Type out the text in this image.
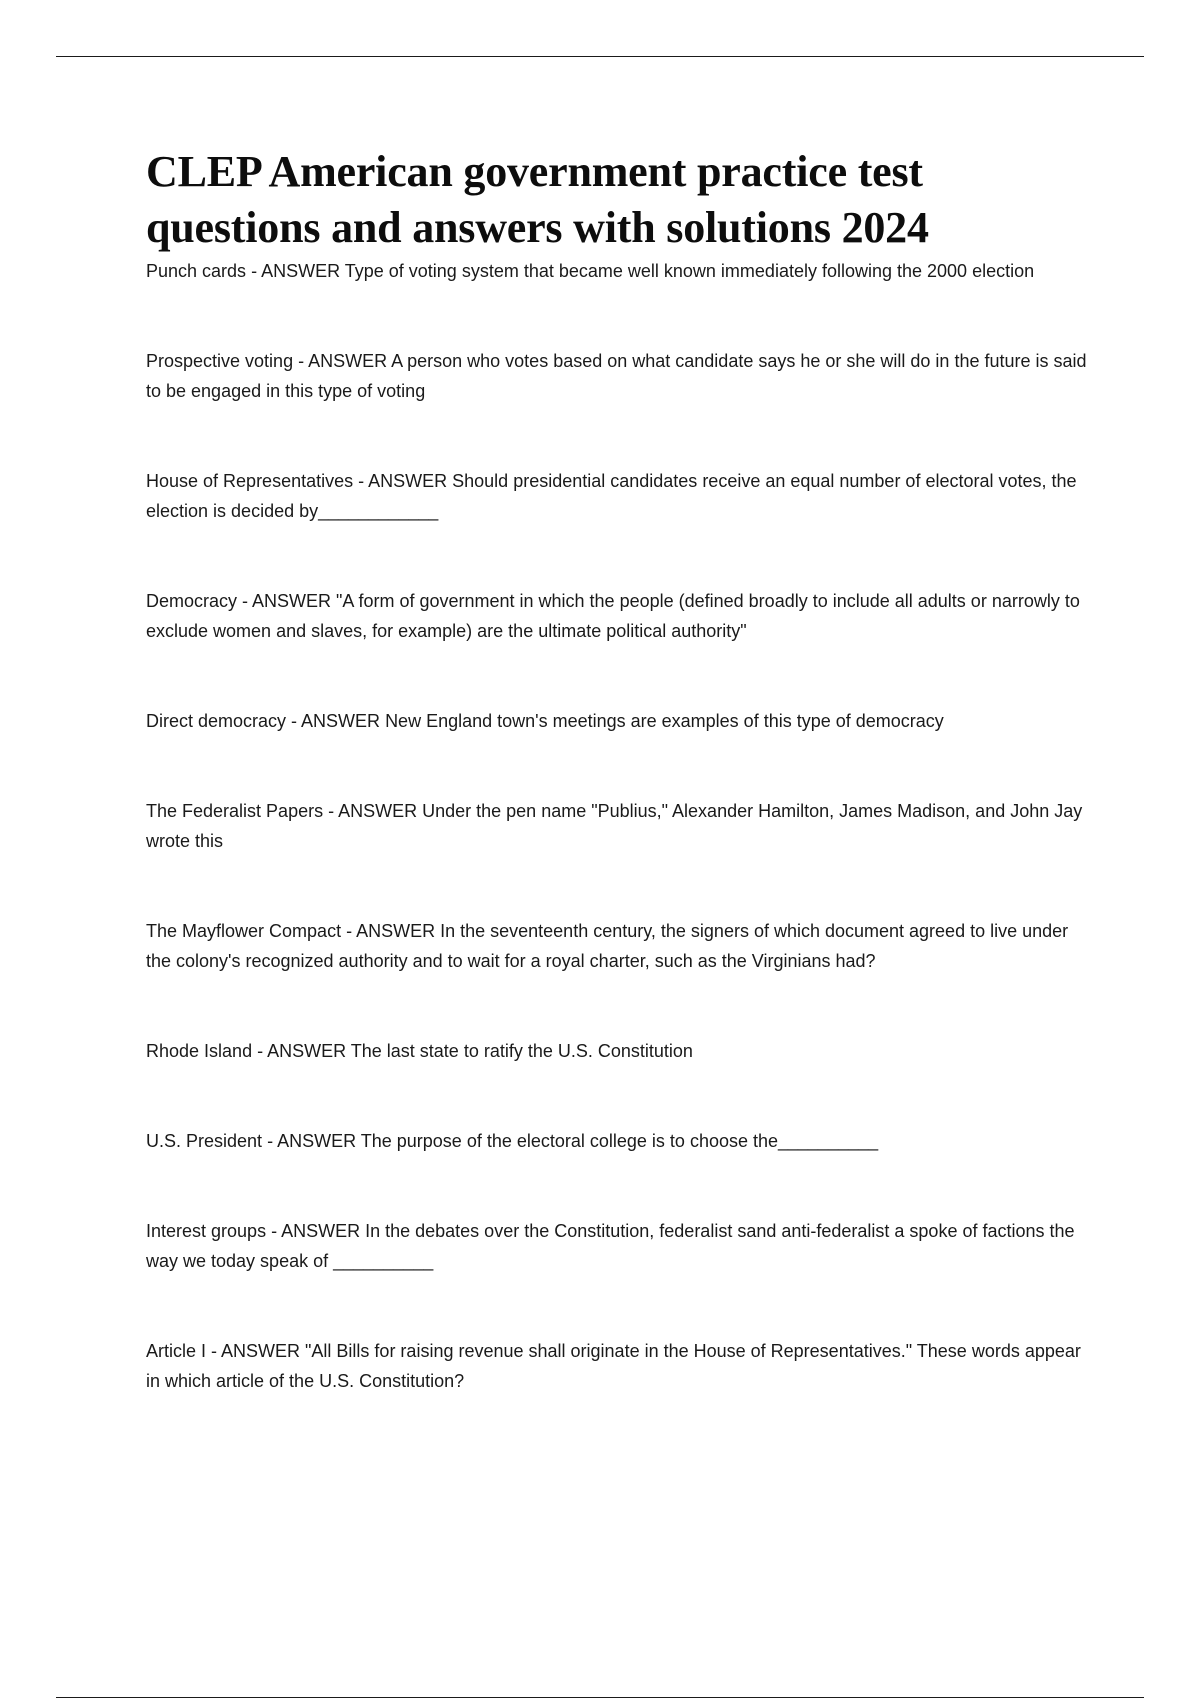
CLEP American government practice test
questions and answers with solutions 2024
Punch cards - ANSWER Type of voting system that became well known immediately following the 2000 election
Prospective voting - ANSWER A person who votes based on what candidate says he or she will do in the future is said to be engaged in this type of voting
House of Representatives - ANSWER Should presidential candidates receive an equal number of electoral votes, the election is decided by____________
Democracy - ANSWER "A form of government in which the people (defined broadly to include all adults or narrowly to exclude women and slaves, for example) are the ultimate political authority"
Direct democracy - ANSWER New England town's meetings are examples of this type of democracy
The Federalist Papers - ANSWER Under the pen name "Publius," Alexander Hamilton, James Madison, and John Jay wrote this
The Mayflower Compact - ANSWER In the seventeenth century, the signers of which document agreed to live under the colony's recognized authority and to wait for a royal charter, such as the Virginians had?
Rhode Island - ANSWER The last state to ratify the U.S. Constitution
U.S. President - ANSWER The purpose of the electoral college is to choose the__________
Interest groups - ANSWER In the debates over the Constitution, federalist sand anti-federalist a spoke of factions the way we today speak of __________
Article I - ANSWER "All Bills for raising revenue shall originate in the House of Representatives." These words appear in which article of the U.S. Constitution?
